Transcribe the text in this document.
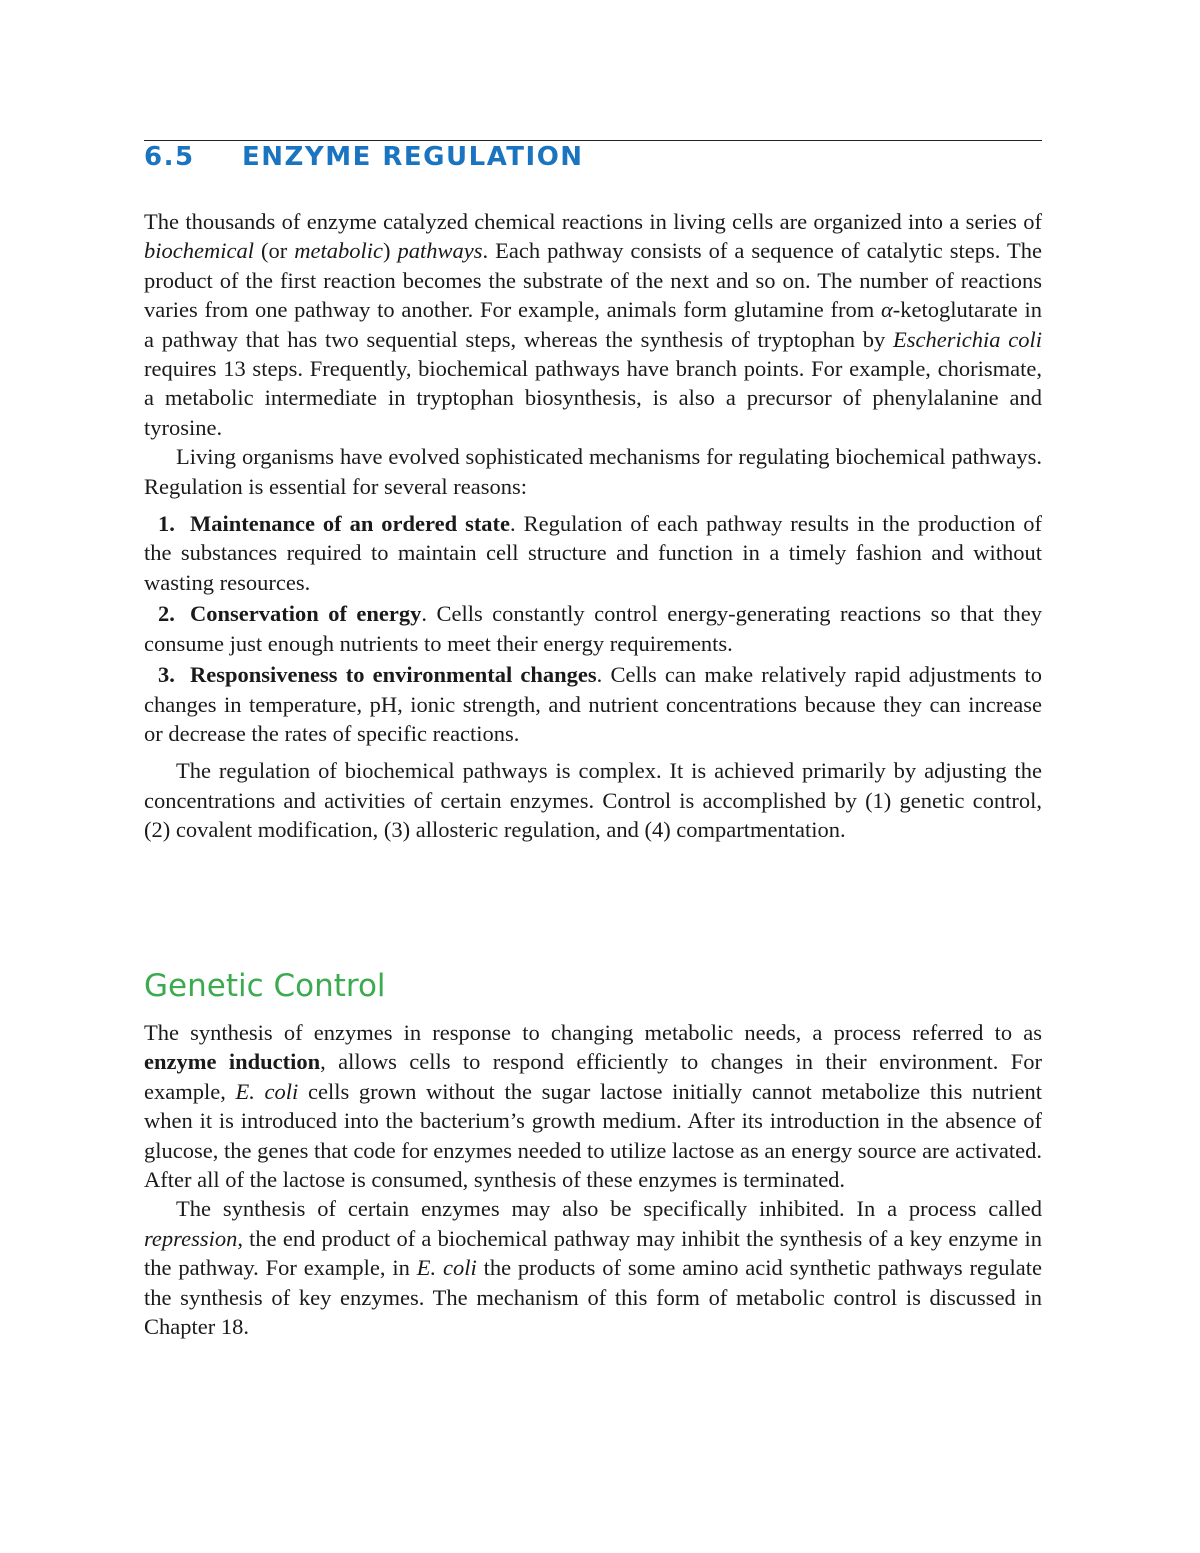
6.5 ENZYME REGULATION

The thousands of enzyme catalyzed chemical reactions in living cells are organized into a series of biochemical (or metabolic) pathways. Each pathway consists of a sequence of catalytic steps. The product of the first reaction becomes the substrate of the next and so on. The number of reactions varies from one pathway to another. For example, animals form glutamine from α-ketoglutarate in a pathway that has two sequential steps, whereas the synthesis of tryptophan by Escherichia coli requires 13 steps. Frequently, biochemical pathways have branch points. For example, chorismate, a metabolic intermediate in tryptophan biosynthesis, is also a precursor of phenylalanine and tyrosine.

Living organisms have evolved sophisticated mechanisms for regulating biochemical pathways. Regulation is essential for several reasons:

1. Maintenance of an ordered state. Regulation of each pathway results in the production of the substances required to maintain cell structure and function in a timely fashion and without wasting resources.
2. Conservation of energy. Cells constantly control energy-generating reactions so that they consume just enough nutrients to meet their energy requirements.
3. Responsiveness to environmental changes. Cells can make relatively rapid adjustments to changes in temperature, pH, ionic strength, and nutrient concentrations because they can increase or decrease the rates of specific reactions.

The regulation of biochemical pathways is complex. It is achieved primarily by adjusting the concentrations and activities of certain enzymes. Control is accomplished by (1) genetic control, (2) covalent modification, (3) allosteric regulation, and (4) compartmentation.

Genetic Control

The synthesis of enzymes in response to changing metabolic needs, a process referred to as enzyme induction, allows cells to respond efficiently to changes in their environment. For example, E. coli cells grown without the sugar lactose initially cannot metabolize this nutrient when it is introduced into the bacterium’s growth medium. After its introduction in the absence of glucose, the genes that code for enzymes needed to utilize lactose as an energy source are activated. After all of the lactose is consumed, synthesis of these enzymes is terminated.

The synthesis of certain enzymes may also be specifically inhibited. In a process called repression, the end product of a biochemical pathway may inhibit the synthesis of a key enzyme in the pathway. For example, in E. coli the products of some amino acid synthetic pathways regulate the synthesis of key enzymes. The mechanism of this form of metabolic control is discussed in Chapter 18.
